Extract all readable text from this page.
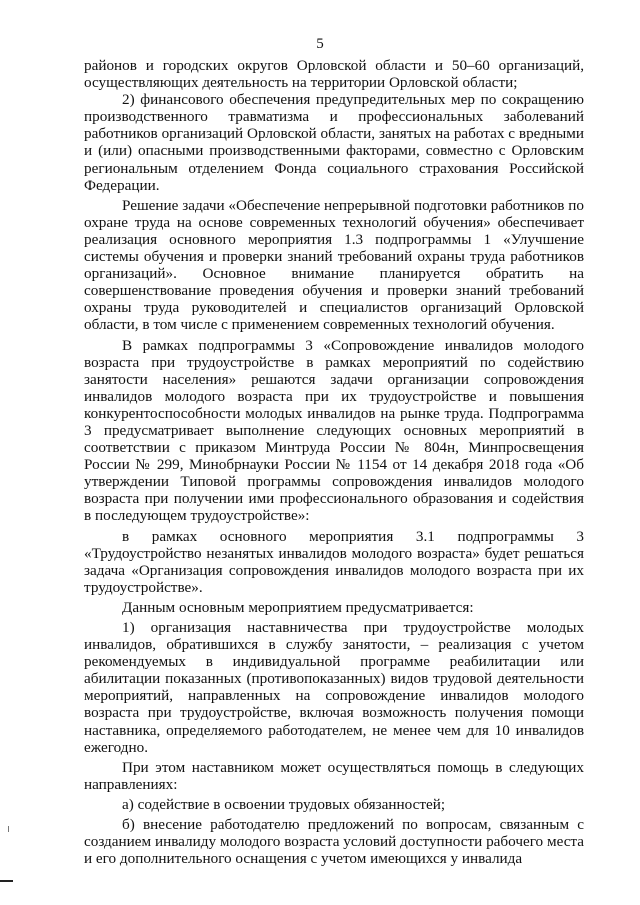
5

районов и городских округов Орловской области и 50–60 организаций, осуществляющих деятельность на территории Орловской области;

2) финансового обеспечения предупредительных мер по сокращению производственного травматизма и профессиональных заболеваний работников организаций Орловской области, занятых на работах с вредными и (или) опасными производственными факторами, совместно с Орловским региональным отделением Фонда социального страхования Российской Федерации.

Решение задачи «Обеспечение непрерывной подготовки работников по охране труда на основе современных технологий обучения» обеспечивает реализация основного мероприятия 1.3 подпрограммы 1 «Улучшение системы обучения и проверки знаний требований охраны труда работников организаций». Основное внимание планируется обратить на совершенствование проведения обучения и проверки знаний требований охраны труда руководителей и специалистов организаций Орловской области, в том числе с применением современных технологий обучения.

В рамках подпрограммы 3 «Сопровождение инвалидов молодого возраста при трудоустройстве в рамках мероприятий по содействию занятости населения» решаются задачи организации сопровождения инвалидов молодого возраста при их трудоустройстве и повышения конкурентоспособности молодых инвалидов на рынке труда. Подпрограмма 3 предусматривает выполнение следующих основных мероприятий в соответствии с приказом Минтруда России № 804н, Минпросвещения России № 299, Минобрнауки России № 1154 от 14 декабря 2018 года «Об утверждении Типовой программы сопровождения инвалидов молодого возраста при получении ими профессионального образования и содействия в последующем трудоустройстве»:

в рамках основного мероприятия 3.1 подпрограммы 3 «Трудоустройство незанятых инвалидов молодого возраста» будет решаться задача «Организация сопровождения инвалидов молодого возраста при их трудоустройстве».

Данным основным мероприятием предусматривается:

1) организация наставничества при трудоустройстве молодых инвалидов, обратившихся в службу занятости, – реализация с учетом рекомендуемых в индивидуальной программе реабилитации или абилитации показанных (противопоказанных) видов трудовой деятельности мероприятий, направленных на сопровождение инвалидов молодого возраста при трудоустройстве, включая возможность получения помощи наставника, определяемого работодателем, не менее чем для 10 инвалидов ежегодно.

При этом наставником может осуществляться помощь в следующих направлениях:

а) содействие в освоении трудовых обязанностей;

б) внесение работодателю предложений по вопросам, связанным с созданием инвалиду молодого возраста условий доступности рабочего места и его дополнительного оснащения с учетом имеющихся у инвалида
